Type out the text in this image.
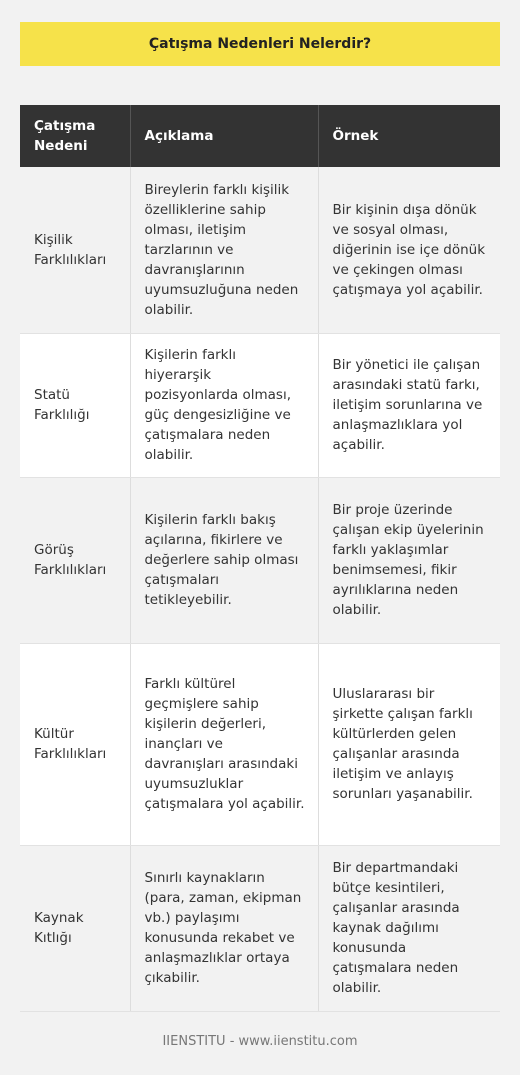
Çatışma Nedenleri Nelerdir?
Çatışma Nedeni	Açıklama	Örnek
Kişilik Farklılıkları	Bireylerin farklı kişilik özelliklerine sahip olması, iletişim tarzlarının ve davranışlarının uyumsuzluğuna neden olabilir.	Bir kişinin dışa dönük ve sosyal olması, diğerinin ise içe dönük ve çekingen olması çatışmaya yol açabilir.
Statü Farklılığı	Kişilerin farklı hiyerarşik pozisyonlarda olması, güç dengesizliğine ve çatışmalara neden olabilir.	Bir yönetici ile çalışan arasındaki statü farkı, iletişim sorunlarına ve anlaşmazlıklara yol açabilir.
Görüş Farklılıkları	Kişilerin farklı bakış açılarına, fikirlere ve değerlere sahip olması çatışmaları tetikleyebilir.	Bir proje üzerinde çalışan ekip üyelerinin farklı yaklaşımlar benimsemesi, fikir ayrılıklarına neden olabilir.
Kültür Farklılıkları	Farklı kültürel geçmişlere sahip kişilerin değerleri, inançları ve davranışları arasındaki uyumsuzluklar çatışmalara yol açabilir.	Uluslararası bir şirkette çalışan farklı kültürlerden gelen çalışanlar arasında iletişim ve anlayış sorunları yaşanabilir.
Kaynak Kıtlığı	Sınırlı kaynakların (para, zaman, ekipman vb.) paylaşımı konusunda rekabet ve anlaşmazlıklar ortaya çıkabilir.	Bir departmandaki bütçe kesintileri, çalışanlar arasında kaynak dağılımı konusunda çatışmalara neden olabilir.
IIENSTITU - www.iienstitu.com
